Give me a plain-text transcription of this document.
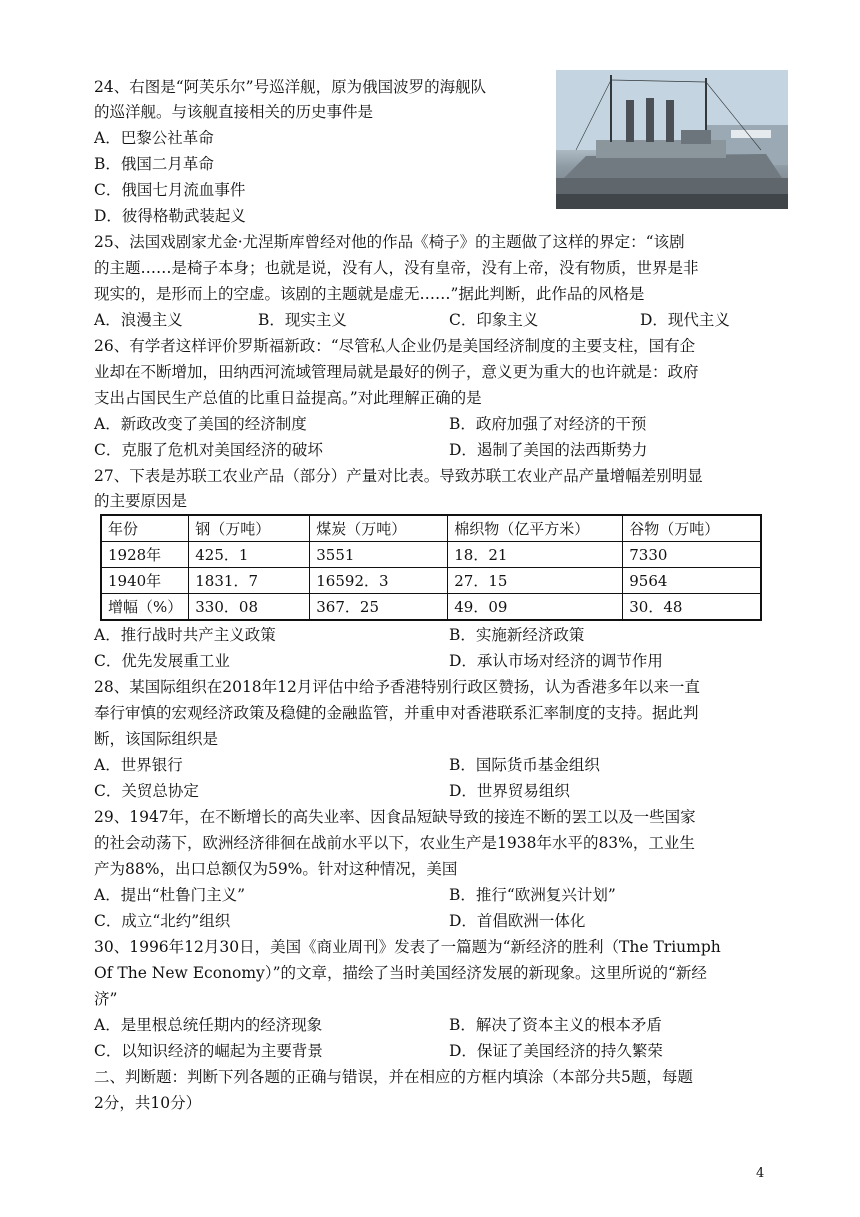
24、右图是“阿芙乐尔”号巡洋舰，原为俄国波罗的海舰队
的巡洋舰。与该舰直接相关的历史事件是
A．巴黎公社革命
B．俄国二月革命
C．俄国七月流血事件
D．彼得格勒武装起义
25、法国戏剧家尤金·尤涅斯库曾经对他的作品《椅子》的主题做了这样的界定：“该剧
的主题……是椅子本身；也就是说，没有人，没有皇帝，没有上帝，没有物质，世界是非
现实的，是形而上的空虚。该剧的主题就是虚无……”据此判断，此作品的风格是
A．浪漫主义	B．现实主义	C．印象主义	D．现代主义
26、有学者这样评价罗斯福新政：“尽管私人企业仍是美国经济制度的主要支柱，国有企
业却在不断增加，田纳西河流域管理局就是最好的例子，意义更为重大的也许就是：政府
支出占国民生产总值的比重日益提高。”对此理解正确的是
A．新政改变了美国的经济制度	B．政府加强了对经济的干预
C．克服了危机对美国经济的破坏	D．遏制了美国的法西斯势力
27、下表是苏联工农业产品（部分）产量对比表。导致苏联工农业产品产量增幅差别明显
的主要原因是
年份	钢（万吨）	煤炭（万吨）	棉织物（亿平方米）	谷物（万吨）
1928年	425．1	3551	18．21	7330
1940年	1831．7	16592．3	27．15	9564
增幅（%）	330．08	367．25	49．09	30．48
A．推行战时共产主义政策	B．实施新经济政策
C．优先发展重工业	D．承认市场对经济的调节作用
28、某国际组织在2018年12月评估中给予香港特别行政区赞扬，认为香港多年以来一直
奉行审慎的宏观经济政策及稳健的金融监管，并重申对香港联系汇率制度的支持。据此判
断，该国际组织是
A．世界银行	B．国际货币基金组织
C．关贸总协定	D．世界贸易组织
29、1947年，在不断增长的高失业率、因食品短缺导致的接连不断的罢工以及一些国家
的社会动荡下，欧洲经济徘徊在战前水平以下，农业生产是1938年水平的83%，工业生
产为88%，出口总额仅为59%。针对这种情况，美国
A．提出“杜鲁门主义”	B．推行“欧洲复兴计划”
C．成立“北约”组织	D．首倡欧洲一体化
30、1996年12月30日，美国《商业周刊》发表了一篇题为“新经济的胜利（The Triumph
Of The New Economy）”的文章，描绘了当时美国经济发展的新现象。这里所说的“新经
济”
A．是里根总统任期内的经济现象	B．解决了资本主义的根本矛盾
C．以知识经济的崛起为主要背景	D．保证了美国经济的持久繁荣
二、判断题：判断下列各题的正确与错误，并在相应的方框内填涂（本部分共5题，每题
2分，共10分）
4
